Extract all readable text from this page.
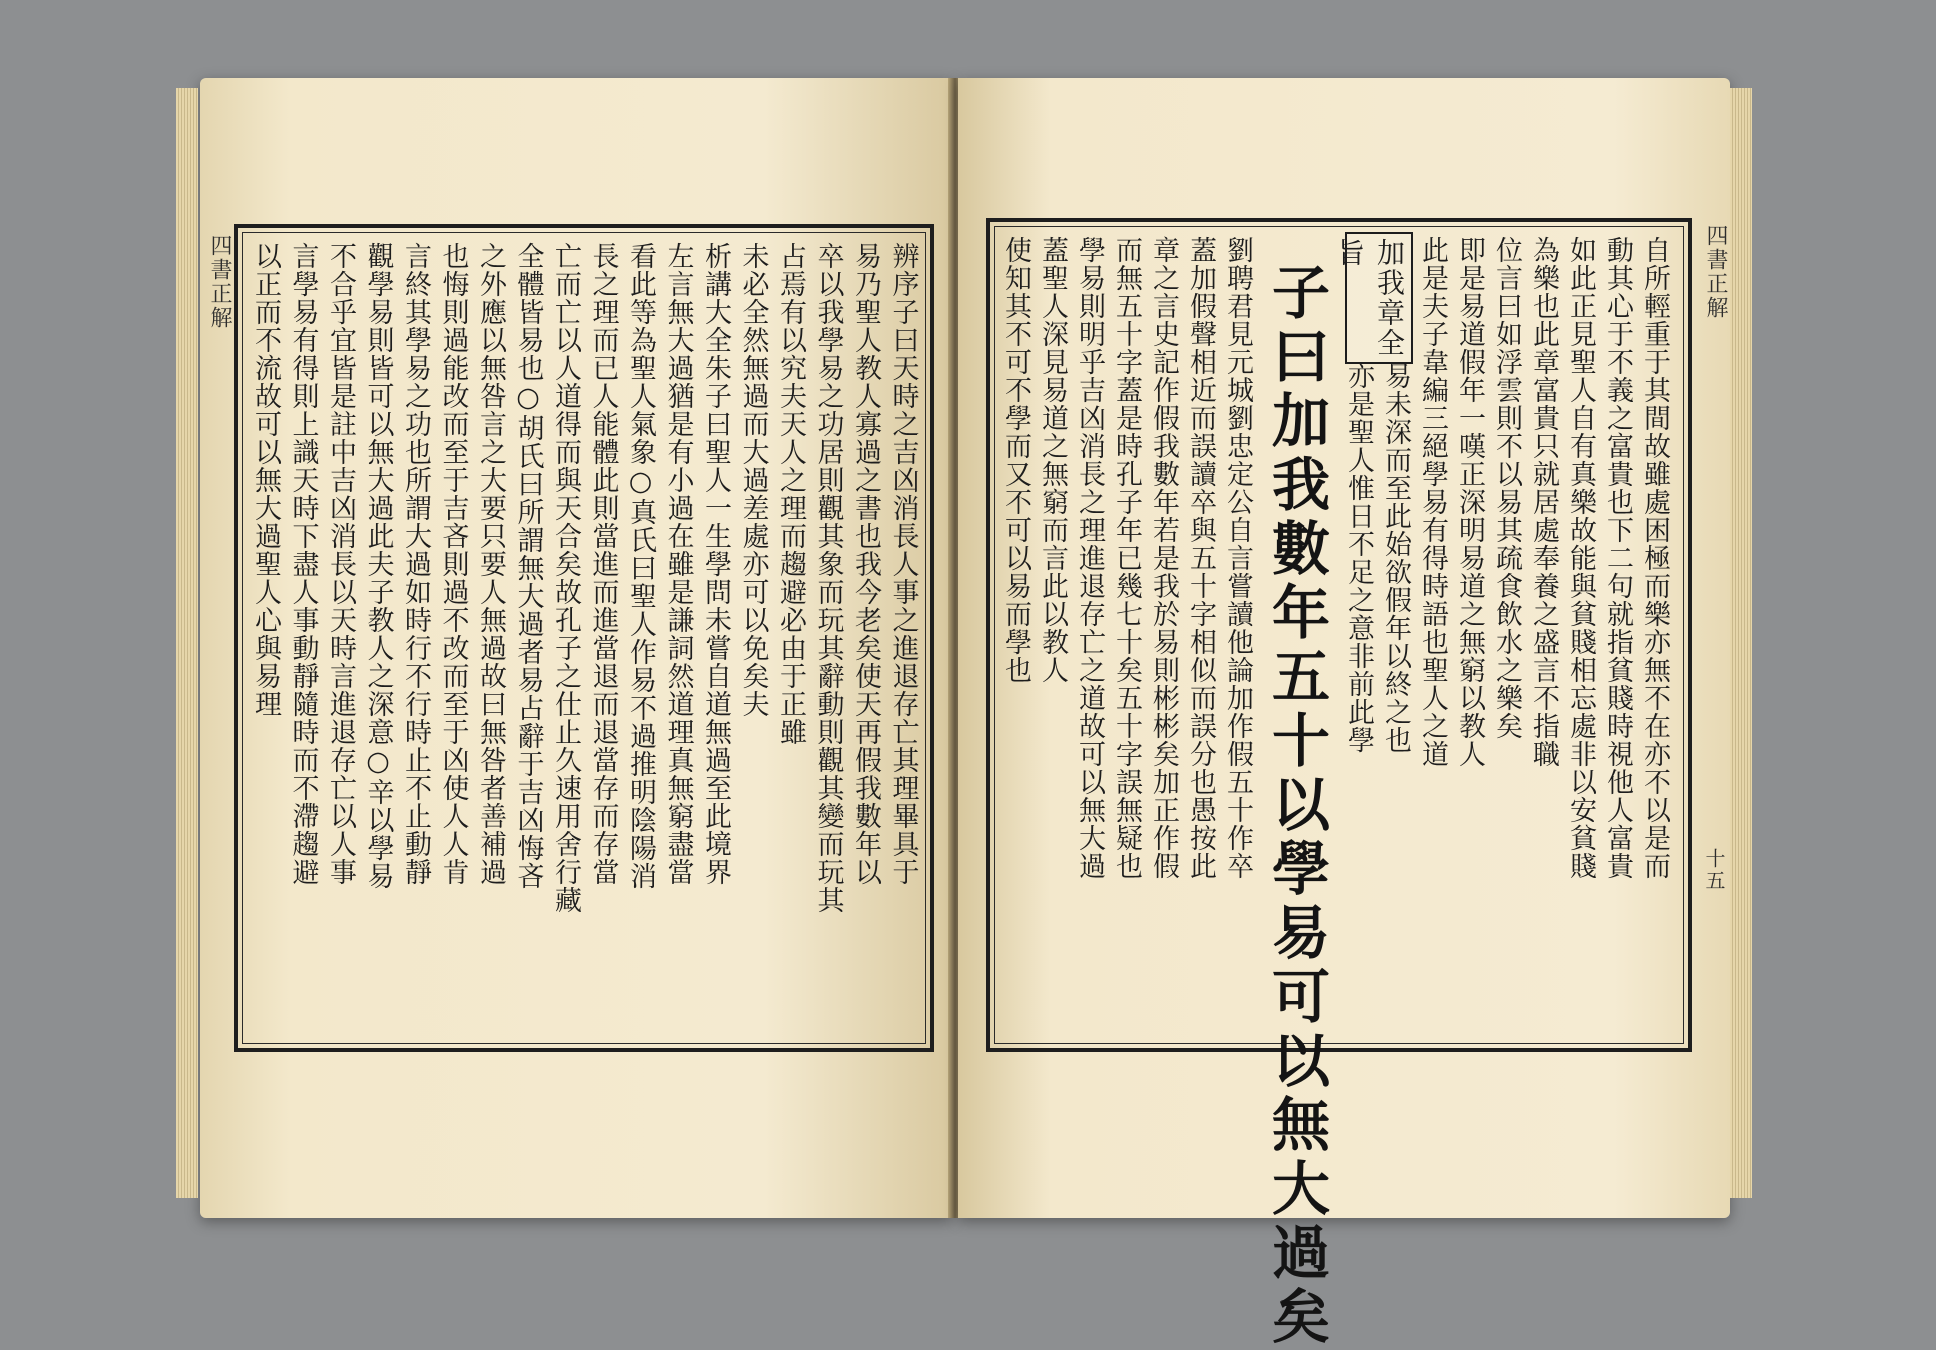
以正而不流故可以無大過聖人心與易理 言學易有得則上識天時下盡人事動靜隨時而不滯趨避 不合乎宜皆是註中吉凶消長以天時言進退存亡以人事 觀學易則皆可以無大過此夫子教人之深意○辛以學易 言終其學易之功也所謂大過如時行不行時止不止動靜 也悔則過能改而至于吉吝則過不改而至于凶使人人肯 之外應以無咎言之大要只要人無過故曰無咎者善補過 全體皆易也○胡氏曰所謂無大過者易占辭于吉凶悔吝 亡而亡以人道得而與天合矣故孔子之仕止久速用舍行藏 長之理而已人能體此則當進而進當退而退當存而存當 看此等為聖人氣象○真氏曰聖人作易不過推明陰陽消 左言無大過猶是有小過在雖是謙詞然道理真無窮盡當 析講大全朱子曰聖人一生學問未嘗自道無過至此境界 未必全然無過而大過差處亦可以免矣夫 占焉有以究夫天人之理而趨避必由于正雖 卒以我學易之功居則觀其象而玩其辭動則觀其變而玩其 易乃聖人教人寡過之書也我今老矣使天再假我數年以 辨序子曰天時之吉凶消長人事之進退存亡其理畢具于
四書正解	使知其不可不學而又不可以易而學也 蓋聖人深見易道之無窮而言此以教人 學易則明乎吉凶消長之理進退存亡之道故可以無大過 而無五十字蓋是時孔子年已幾七十矣五十字誤無疑也 章之言史記作假我數年若是我於易則彬彬矣加正作假 蓋加假聲相近而誤讀卒與五十字相似而誤分也愚按此 劉聘君見元城劉忠定公自言嘗讀他論加作假五十作卒 子曰加我數年五十以學易可以無大過矣 亦是聖人惟日不足之意非前此學 易未深而至此始欲假年以終之也
加我章全旨	此是夫子韋編三絕學易有得時語也聖人之道 即是易道假年一嘆正深明易道之無窮以教人 位言曰如浮雲則不以易其疏食飲水之樂矣 為樂也此章富貴只就居處奉養之盛言不指職 如此正見聖人自有真樂故能與貧賤相忘處非以安貧賤 動其心于不義之富貴也下二句就指貧賤時視他人富貴 自所輕重于其間故雖處困極而樂亦無不在亦不以是而 四書正解
十五
